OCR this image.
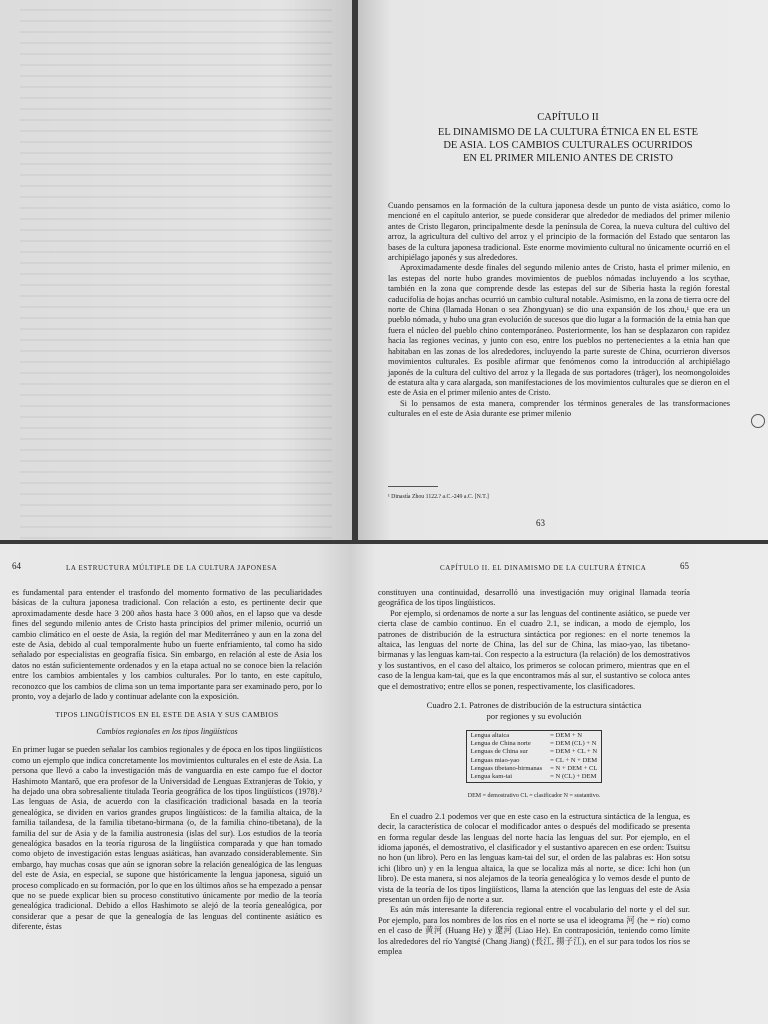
CAPÍTULO II
EL DINAMISMO DE LA CULTURA ÉTNICA EN EL ESTE
DE ASIA. LOS CAMBIOS CULTURALES OCURRIDOS
EN EL PRIMER MILENIO ANTES DE CRISTO

Cuando pensamos en la formación de la cultura japonesa desde un punto de vista asiático, como lo mencioné en el capítulo anterior, se puede considerar que alrededor de mediados del primer milenio antes de Cristo llegaron, principalmente desde la península de Corea, la nueva cultura del cultivo del arroz, la agricultura del cultivo del arroz y el principio de la formación del Estado que sentaron las bases de la cultura japonesa tradicional. Este enorme movimiento cultural no únicamente ocurrió en el archipiélago japonés y sus alrededores.

Aproximadamente desde finales del segundo milenio antes de Cristo, hasta el primer milenio, en las estepas del norte hubo grandes movimientos de pueblos nómadas incluyendo a los scythae, también en la zona que comprende desde las estepas del sur de Siberia hasta la región forestal caducifolia de hojas anchas ocurrió un cambio cultural notable. Asimismo, en la zona de tierra ocre del norte de China (llamada Honan o sea Zhongyuan) se dio una expansión de los zhou,¹ que era un pueblo nómada, y hubo una gran evolución de sucesos que dio lugar a la formación de la etnia han que fuera el núcleo del pueblo chino contemporáneo. Posteriormente, los han se desplazaron con rapidez hacia las regiones vecinas, y junto con eso, entre los pueblos no pertenecientes a la etnia han que habitaban en las zonas de los alrededores, incluyendo la parte sureste de China, ocurrieron diversos movimientos culturales. Es posible afirmar que fenómenos como la introducción al archipiélago japonés de la cultura del cultivo del arroz y la llegada de sus portadores (träger), los neomongoloides de estatura alta y cara alargada, son manifestaciones de los movimientos culturales que se dieron en el este de Asia en el primer milenio antes de Cristo.

Si lo pensamos de esta manera, comprender los términos generales de las transformaciones culturales en el este de Asia durante ese primer milenio

¹ Dinastía Zhou 1122.? a.C.-249 a.C. [N.T.]
63
64	LA ESTRUCTURA MÚLTIPLE DE LA CULTURA JAPONESA

es fundamental para entender el trasfondo del momento formativo de las peculiaridades básicas de la cultura japonesa tradicional. Con relación a esto, es pertinente decir que aproximadamente desde hace 3 200 años hasta hace 3 000 años, en el lapso que va desde fines del segundo milenio antes de Cristo hasta principios del primer milenio, ocurrió un cambio climático en el oeste de Asia, la región del mar Mediterráneo y aun en la zona del este de Asia, debido al cual temporalmente hubo un fuerte enfriamiento, tal como ha sido señalado por especialistas en geografía física. Sin embargo, en relación al este de Asia los datos no están suficientemente ordenados y en la etapa actual no se conoce bien la relación entre los cambios ambientales y los cambios culturales. Por lo tanto, en este capítulo, reconozco que los cambios de clima son un tema importante para ser examinado pero, por lo pronto, voy a dejarlo de lado y continuar adelante con la exposición.

TIPOS LINGÜÍSTICOS EN EL ESTE DE ASIA Y SUS CAMBIOS
Cambios regionales en los tipos lingüísticos

En primer lugar se pueden señalar los cambios regionales y de época en los tipos lingüísticos como un ejemplo que indica concretamente los movimientos culturales en el este de Asia. La persona que llevó a cabo la investigación más de vanguardia en este campo fue el doctor Hashimoto Mantarō, que era profesor de la Universidad de Lenguas Extranjeras de Tokio, y ha dejado una obra sobresaliente titulada Teoría geográfica de los tipos lingüísticos (1978).² Las lenguas de Asia, de acuerdo con la clasificación tradicional basada en la teoría genealógica, se dividen en varios grandes grupos lingüísticos: de la familia altaica, de la familia tailandesa, de la familia tibetano-birmana (o, de la familia chino-tibetana), de la familia del sur de Asia y de la familia austronesia (islas del sur). Los estudios de la teoría genealógica basados en la teoría rigurosa de la lingüística comparada y que han tomado como objeto de investigación estas lenguas asiáticas, han avanzado considerablemente. Sin embargo, hay muchas cosas que aún se ignoran sobre la relación genealógica de las lenguas del este de Asia, en especial, se supone que históricamente la lengua japonesa, siguió un proceso complicado en su formación, por lo que en los últimos años se ha empezado a pensar que no se puede explicar bien su proceso constitutivo únicamente por medio de la teoría genealógica tradicional. Debido a ellos Hashimoto se alejó de la teoría genealógica, por considerar que a pesar de que la genealogía de las lenguas del continente asiático es diferente, éstas

CAPÍTULO II. EL DINAMISMO DE LA CULTURA ÉTNICA	65

constituyen una continuidad, desarrolló una investigación muy original llamada teoría geográfica de los tipos lingüísticos.

Por ejemplo, si ordenamos de norte a sur las lenguas del continente asiático, se puede ver cierta clase de cambio continuo. En el cuadro 2.1, se indican, a modo de ejemplo, los patrones de distribución de la estructura sintáctica por regiones: en el norte tenemos la altaica, las lenguas del norte de China, las del sur de China, las miao-yao, las tibetano-birmanas y las lenguas kam-tai. Con respecto a la estructura (la relación) de los demostrativos y los sustantivos, en el caso del altaico, los primeros se colocan primero, mientras que en el caso de la lengua kam-tai, que es la que encontramos más al sur, el sustantivo se coloca antes que el demostrativo; entre ellos se ponen, respectivamente, los clasificadores.

Cuadro 2.1. Patrones de distribución de la estructura sintáctica
por regiones y su evolución
Lengua altaica	= DEM + N
Lengua de China norte	= DEM (CL) + N
Lenguas de China sur	= DEM + CL + N
Lenguas miao-yao	= CL + N + DEM
Lenguas tibetano-birmanas	= N + DEM + CL
Lengua kam-tai	= N (CL) + DEM
DEM = demostrativo CL = clasificador N = sustantivo.

En el cuadro 2.1 podemos ver que en este caso en la estructura sintáctica de la lengua, es decir, la característica de colocar el modificador antes o después del modificado se presenta en forma regular desde las lenguas del norte hacia las lenguas del sur. Por ejemplo, en el idioma japonés, el demostrativo, el clasificador y el sustantivo aparecen en ese orden: Tsuitsu no hon (un libro). Pero en las lenguas kam-tai del sur, el orden de las palabras es: Hon sotsu ichi (libro un) y en la lengua altaica, la que se localiza más al norte, se dice: Ichi hon (un libro). De esta manera, si nos alejamos de la teoría genealógica y lo vemos desde el punto de vista de la teoría de los tipos lingüísticos, llama la atención que las lenguas del este de Asia presentan un orden fijo de norte a sur.

Es aún más interesante la diferencia regional entre el vocabulario del norte y el del sur. Por ejemplo, para los nombres de los ríos en el norte se usa el ideograma 河 (he = río) como en el caso de 黄河 (Huang He) y 遼河 (Liao He). En contraposición, teniendo como límite los alrededores del río Yangtsé (Chang Jiang) (長江, 揚子江), en el sur para todos los ríos se emplea
